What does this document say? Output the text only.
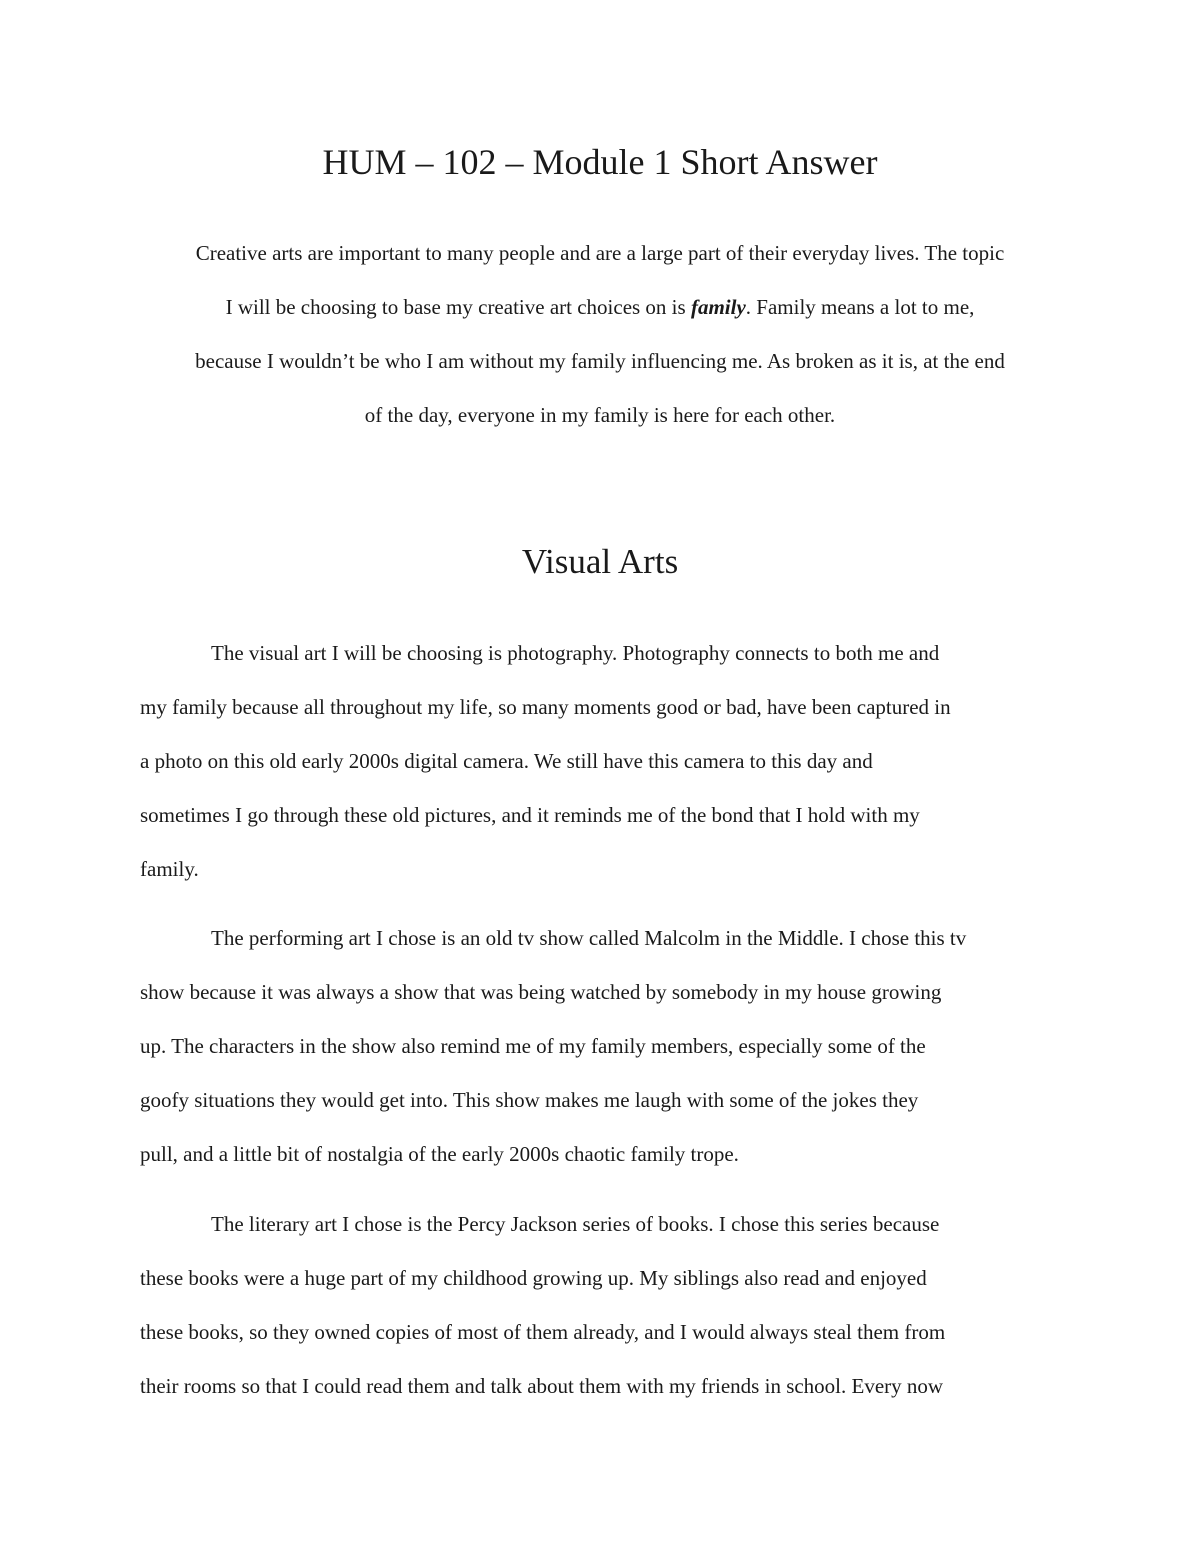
HUM – 102 – Module 1 Short Answer
Creative arts are important to many people and are a large part of their everyday lives. The topic
I will be choosing to base my creative art choices on is family. Family means a lot to me,
because I wouldn’t be who I am without my family influencing me. As broken as it is, at the end
of the day, everyone in my family is here for each other.
Visual Arts
The visual art I will be choosing is photography. Photography connects to both me and
my family because all throughout my life, so many moments good or bad, have been captured in
a photo on this old early 2000s digital camera. We still have this camera to this day and
sometimes I go through these old pictures, and it reminds me of the bond that I hold with my
family.
The performing art I chose is an old tv show called Malcolm in the Middle. I chose this tv
show because it was always a show that was being watched by somebody in my house growing
up. The characters in the show also remind me of my family members, especially some of the
goofy situations they would get into. This show makes me laugh with some of the jokes they
pull, and a little bit of nostalgia of the early 2000s chaotic family trope.
The literary art I chose is the Percy Jackson series of books. I chose this series because
these books were a huge part of my childhood growing up. My siblings also read and enjoyed
these books, so they owned copies of most of them already, and I would always steal them from
their rooms so that I could read them and talk about them with my friends in school. Every now
